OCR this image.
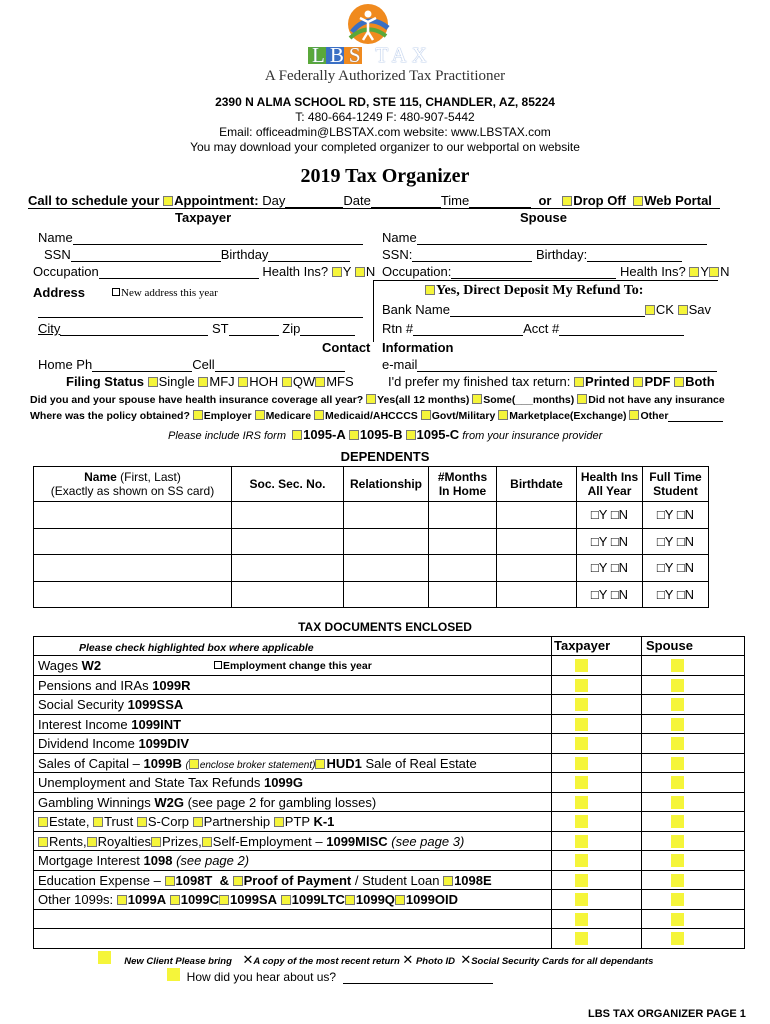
LBS TAX
A Federally Authorized Tax Practitioner
2390 N ALMA SCHOOL RD, STE 115, CHANDLER, AZ, 85224
T: 480-664-1249 F: 480-907-5442
Email: officeadmin@LBSTAX.com website: www.LBSTAX.com
You may download your completed organizer to our webportal on website
2019 Tax Organizer
Call to schedule your Appointment: Day	Date	Time	or Drop Off Web Portal
Taxpayer	Spouse
Name
SSN	Birthday
Occupation	Health Ins? Y N
Name
SSN:	Birthday:
Occupation:	Health Ins? Y N
Address	New address this year
City	ST	Zip
Yes, Direct Deposit My Refund To:
Bank Name	CK Sav
Rtn #	Acct #
Contact Information
Home Ph	Cell	e-mail
Filing Status Single MFJ HOH QW MFS	I'd prefer my finished tax return: Printed PDF Both
Did you and your spouse have health insurance coverage all year? Yes(all 12 months) Some(___months) Did not have any insurance
Where was the policy obtained? Employer Medicare Medicaid/AHCCCS Govt/Military Marketplace(Exchange) Other
Please include IRS form 1095-A 1095-B 1095-C from your insurance provider
DEPENDENTS
Name (First, Last)
(Exactly as shown on SS card)	Soc. Sec. No.	Relationship	#Months
In Home	Birthdate	Health Ins
All Year	Full Time
Student
					□Y □N	□Y □N
					□Y □N	□Y □N
					□Y □N	□Y □N
					□Y □N	□Y □N
TAX DOCUMENTS ENCLOSED
Please check highlighted box where applicable	Taxpayer	Spouse
Wages W2	Employment change this year
Pensions and IRAs 1099R
Social Security 1099SSA
Interest Income 1099INT
Dividend Income 1099DIV
Sales of Capital – 1099B ( enclose broker statement) HUD1 Sale of Real Estate
Unemployment and State Tax Refunds 1099G
Gambling Winnings W2G (see page 2 for gambling losses)
Estate, Trust S-Corp Partnership PTP K-1
Rents, Royalties Prizes, Self-Employment – 1099MISC (see page 3)
Mortgage Interest 1098 (see page 2)
Education Expense – 1098T & Proof of Payment / Student Loan 1098E
Other 1099s: 1099A 1099C 1099SA 1099LTC 1099Q 1099OID
New Client Please bring ✕A copy of the most recent return ✕ Photo ID ✕Social Security Cards for all dependants
How did you hear about us?
LBS TAX ORGANIZER PAGE 1
